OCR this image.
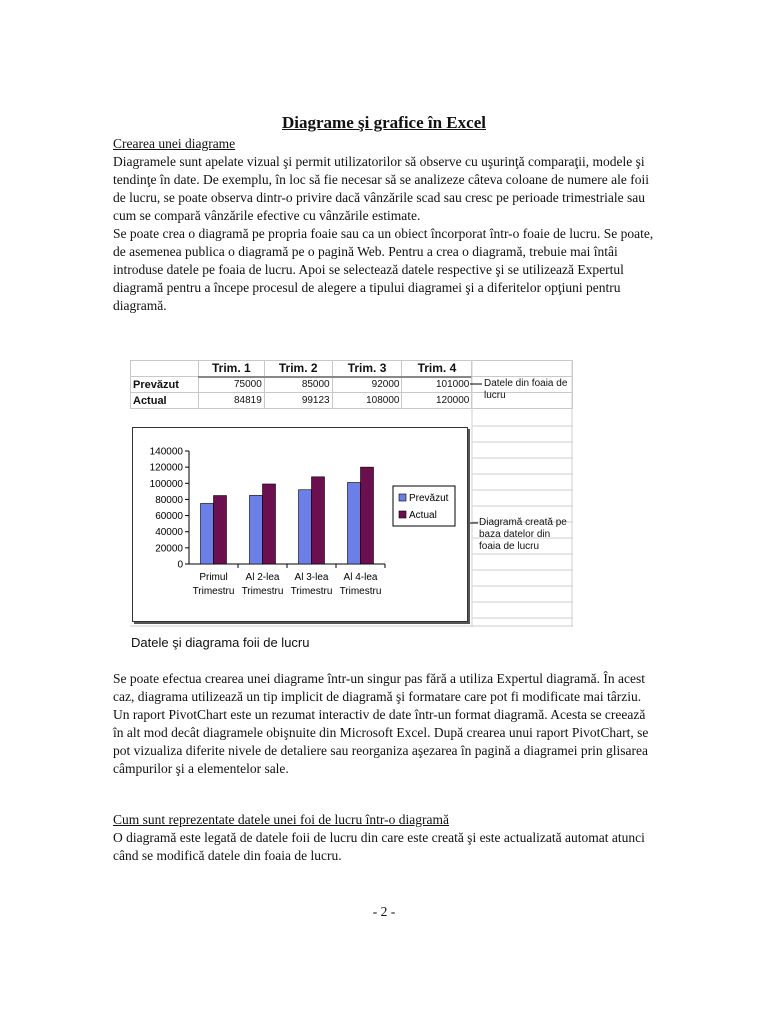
Diagrame şi grafice în Excel
Crearea unei diagrame

Diagramele sunt apelate vizual şi permit utilizatorilor să observe cu uşurinţă comparaţii, modele şi tendinţe în date. De exemplu, în loc să fie necesar să se analizeze câteva coloane de numere ale foii de lucru, se poate observa dintr-o privire dacă vânzările scad sau cresc pe perioade trimestriale sau cum se compară vânzările efective cu vânzările estimate.

Se poate crea o diagramă pe propria foaie sau ca un obiect încorporat într-o foaie de lucru. Se poate, de asemenea publica o diagramă pe o pagină Web. Pentru a crea o diagramă, trebuie mai întâi introduse datele pe foaia de lucru. Apoi se selectează datele respective şi se utilizează Expertul diagramă pentru a începe procesul de alegere a tipului diagramei şi a diferitelor opţiuni pentru diagramă.

	Trim. 1	Trim. 2	Trim. 3	Trim. 4	
Prevăzut	75000	85000	92000	101000	
Actual	84819	99123	108000	120000	
Datele din foaia de lucru
Diagramă creată pe baza datelor din foaia de lucru
0
20000
40000
60000
80000
100000
120000
140000
Primul Trimestru
Al 2-lea Trimestru
Al 3-lea Trimestru
Al 4-lea Trimestru
Prevăzut
Actual
Datele şi diagrama foii de lucru

Se poate efectua crearea unei diagrame într-un singur pas fără a utiliza Expertul diagramă. În acest caz, diagrama utilizează un tip implicit de diagramă şi formatare care pot fi modificate mai târziu.

Un raport PivotChart este un rezumat interactiv de date într-un format diagramă. Acesta se creează în alt mod decât diagramele obişnuite din Microsoft Excel. După crearea unui raport PivotChart, se pot vizualiza diferite nivele de detaliere sau reorganiza aşezarea în pagină a diagramei prin glisarea câmpurilor şi a elementelor sale.

Cum sunt reprezentate datele unei foi de lucru într-o diagramă

O diagramă este legată de datele foii de lucru din care este creată şi este actualizată automat atunci când se modifică datele din foaia de lucru.

- 2 -
